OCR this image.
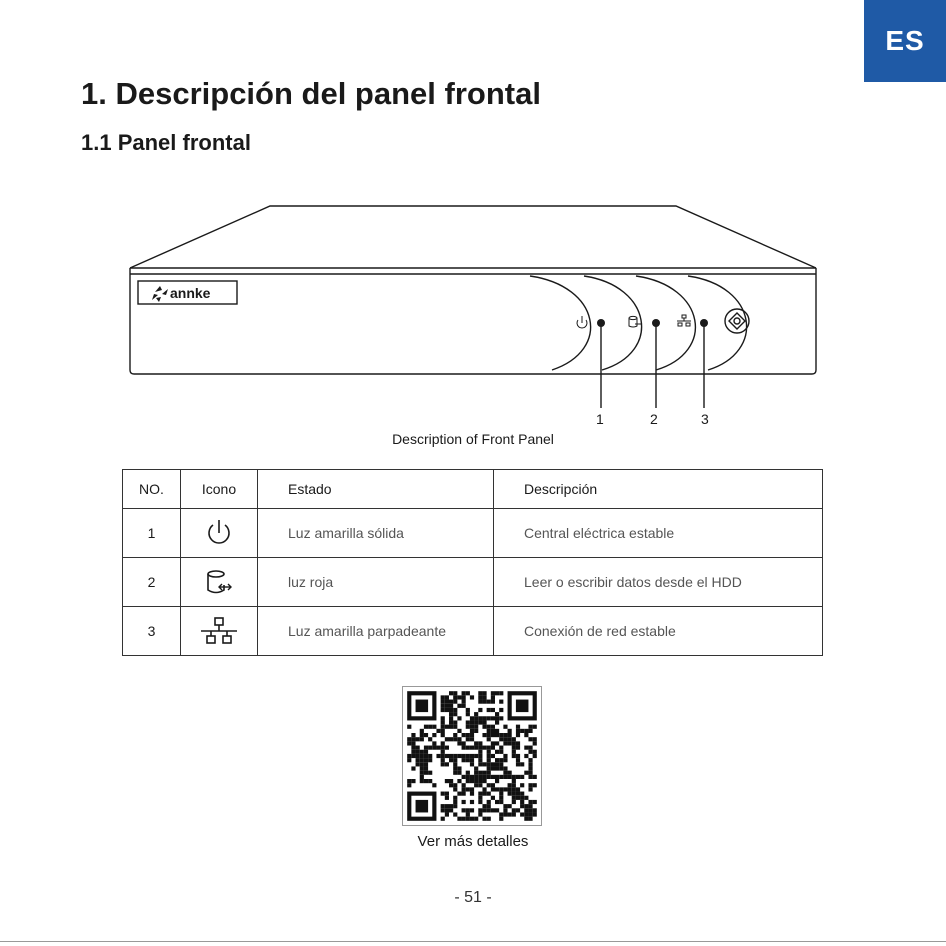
ES
1. Descripción del panel frontal
1.1 Panel frontal
annke
1	2	3
Description of Front Panel
NO.	Icono	Estado	Descripción
1		Luz amarilla sólida	Central eléctrica estable
2		luz roja	Leer o escribir datos desde el HDD
3		Luz amarilla parpadeante	Conexión de red estable
Ver más detalles
- 51 -
